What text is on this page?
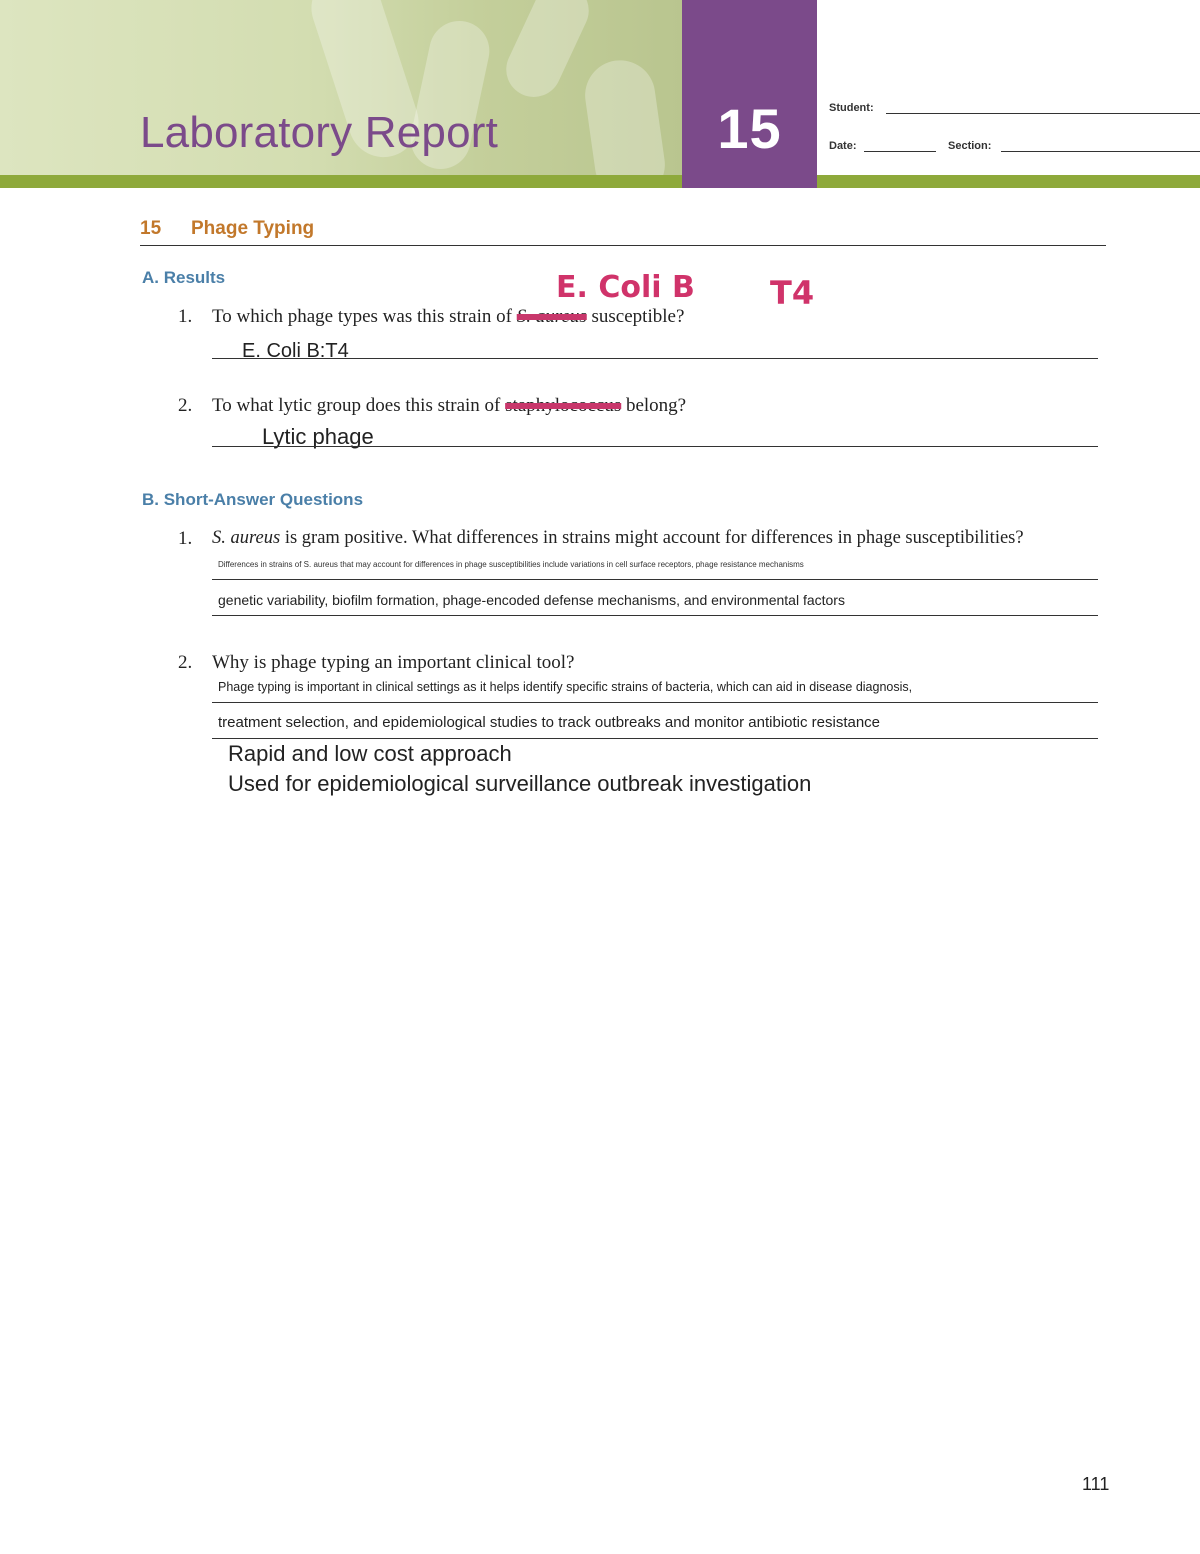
Laboratory Report	15	Student:
Date:	Section:
15 Phage Typing
A. Results	E. Coli B T4
1. To which phage types was this strain of S. aureus susceptible?
E. Coli B:T4
2. To what lytic group does this strain of staphylococcus belong?
Lytic phage
B. Short-Answer Questions
1. S. aureus is gram positive. What differences in strains might account for differences in phage susceptibilities?
Differences in strains of S. aureus that may account for differences in phage susceptibilities include variations in cell surface receptors, phage resistance mechanisms
genetic variability, biofilm formation, phage-encoded defense mechanisms, and environmental factors
2. Why is phage typing an important clinical tool?
Phage typing is important in clinical settings as it helps identify specific strains of bacteria, which can aid in disease diagnosis,
treatment selection, and epidemiological studies to track outbreaks and monitor antibiotic resistance
Rapid and low cost approach
Used for epidemiological surveillance outbreak investigation
111
